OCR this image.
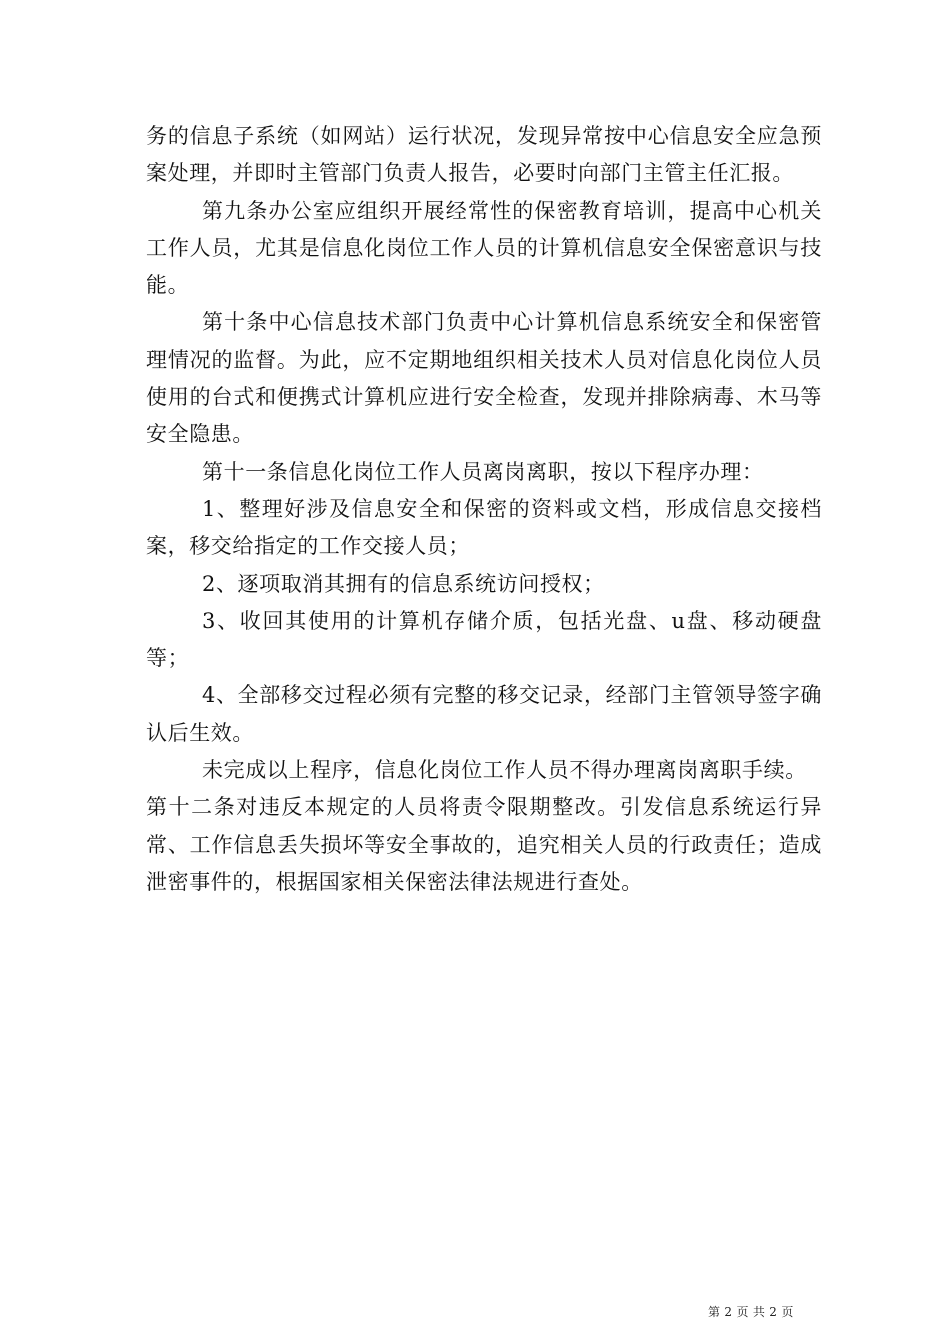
务的信息子系统（如网站）运行状况，发现异常按中心信息安全应急预案处理，并即时主管部门负责人报告，必要时向部门主管主任汇报。

第九条办公室应组织开展经常性的保密教育培训，提高中心机关工作人员，尤其是信息化岗位工作人员的计算机信息安全保密意识与技能。

第十条中心信息技术部门负责中心计算机信息系统安全和保密管理情况的监督。为此，应不定期地组织相关技术人员对信息化岗位人员使用的台式和便携式计算机应进行安全检查，发现并排除病毒、木马等安全隐患。

第十一条信息化岗位工作人员离岗离职，按以下程序办理：

1、整理好涉及信息安全和保密的资料或文档，形成信息交接档案，移交给指定的工作交接人员；

2、逐项取消其拥有的信息系统访问授权；

3、收回其使用的计算机存储介质，包括光盘、u盘、移动硬盘等；

4、全部移交过程必须有完整的移交记录，经部门主管领导签字确认后生效。

未完成以上程序，信息化岗位工作人员不得办理离岗离职手续。

第十二条对违反本规定的人员将责令限期整改。引发信息系统运行异常、工作信息丢失损坏等安全事故的，追究相关人员的行政责任；造成泄密事件的，根据国家相关保密法律法规进行查处。

第 2 页 共 2 页
